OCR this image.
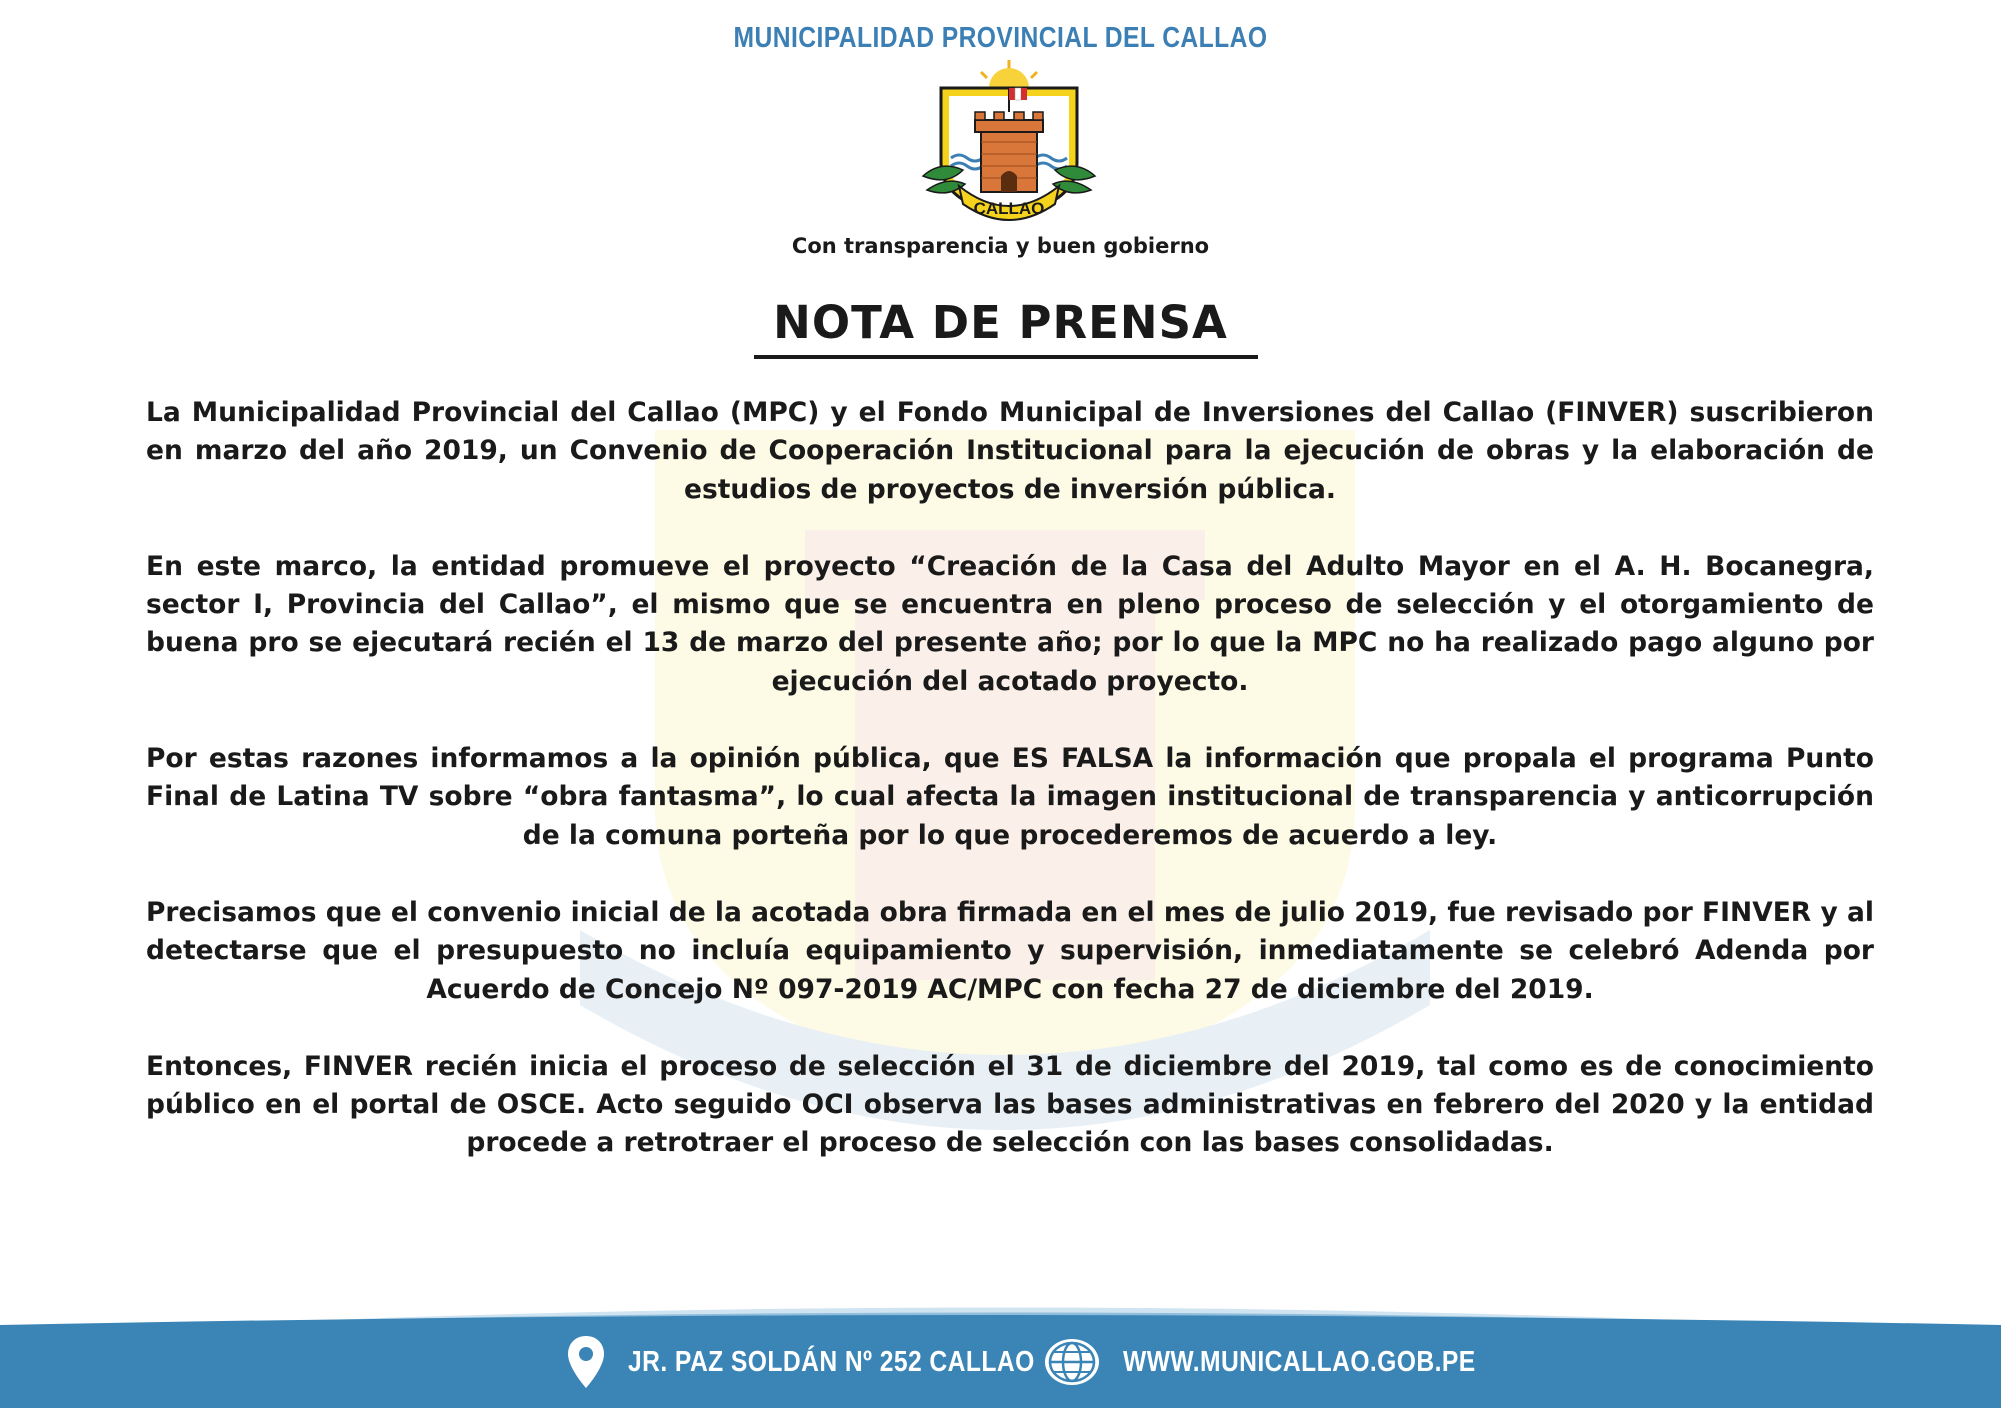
MUNICIPALIDAD PROVINCIAL DEL CALLAO
CALLAO
Con transparencia y buen gobierno
NOTA DE PRENSA

La Municipalidad Provincial del Callao (MPC) y el Fondo Municipal de Inversiones del Callao (FINVER) suscribieron en marzo del año 2019, un Convenio de Cooperación Institucional para la ejecución de obras y la elaboración de estudios de proyectos de inversión pública.

En este marco, la entidad promueve el proyecto “Creación de la Casa del Adulto Mayor en el A. H. Bocanegra, sector I, Provincia del Callao”, el mismo que se encuentra en pleno proceso de selección y el otorgamiento de buena pro se ejecutará recién el 13 de marzo del presente año; por lo que la MPC no ha realizado pago alguno por ejecución del acotado proyecto.

Por estas razones informamos a la opinión pública, que ES FALSA la información que propala el programa Punto Final de Latina TV sobre “obra fantasma”, lo cual afecta la imagen institucional de transparencia y anticorrupción de la comuna porteña por lo que procederemos de acuerdo a ley.

Precisamos que el convenio inicial de la acotada obra firmada en el mes de julio 2019, fue revisado por FINVER y al detectarse que el presupuesto no incluía equipamiento y supervisión, inmediatamente se celebró Adenda por Acuerdo de Concejo Nº 097-2019 AC/MPC con fecha 27 de diciembre del 2019.

Entonces, FINVER recién inicia el proceso de selección el 31 de diciembre del 2019, tal como es de conocimiento público en el portal de OSCE. Acto seguido OCI observa las bases administrativas en febrero del 2020 y la entidad procede a retrotraer el proceso de selección con las bases consolidadas.

JR. PAZ SOLDÁN Nº 252 CALLAO	WWW.MUNICALLAO.GOB.PE
